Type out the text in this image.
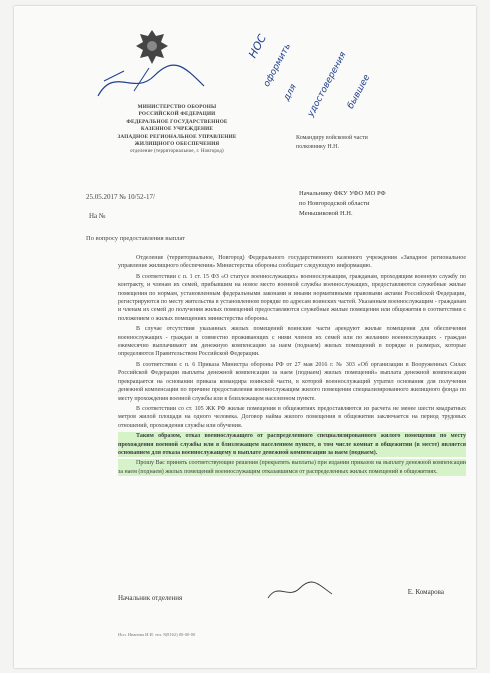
МИНИСТЕРСТВО ОБОРОНЫ
РОССИЙСКОЙ ФЕДЕРАЦИИ
ФЕДЕРАЛЬНОЕ ГОСУДАРСТВЕННОЕ
КАЗЕННОЕ УЧРЕЖДЕНИЕ
ЗАПАДНОЕ РЕГИОНАЛЬНОЕ УПРАВЛЕНИЕ
ЖИЛИЩНОГО ОБЕСПЕЧЕНИЯ
отделение (территориальное, г. Новгород)
НОС
оформить
для удостоверения
бывшее
Командиру войсковой части
полковнику Н.Н.
25.05.2017 № 10/52-17/
На №
Начальнику ФКУ УФО МО РФ
по Новгородской области
Меньшиковой Н.Н.
По вопросу предоставления выплат

Отделение (территориальное, Новгород) Федерального государственного казенного учреждения «Западное региональное управление жилищного обеспечения» Министерства обороны сообщает следующую информацию.

В соответствии с п. 1 ст. 15 ФЗ «О статусе военнослужащих» военнослужащим, гражданам, проходящим военную службу по контракту, и членам их семей, прибывшим на новое место военной службы военнослужащих, предоставляются служебные жилые помещения по нормам, установленным федеральными законами и иными нормативными правовыми актами Российской Федерации, регистрируются по месту жительства в установленном порядке по адресам воинских частей. Указанным военнослужащим - гражданам и членам их семей до получения жилых помещений предоставляются служебные жилые помещения или общежития в соответствии с положением о жилых помещениях министерства обороны.

В случае отсутствия указанных жилых помещений воинские части арендуют жилые помещения для обеспечения военнослужащих - граждан и совместно проживающих с ними членов их семей или по желанию военнослужащих - граждан ежемесячно выплачивают им денежную компенсацию за наем (поднаем) жилых помещений в порядке и размерах, которые определяются Правительством Российской Федерации.

В соответствии с п. 6 Приказа Министра обороны РФ от 27 мая 2016 г. № 303 «Об организации в Вооруженных Силах Российской Федерации выплаты денежной компенсации за наем (поднаем) жилых помещений» выплата денежной компенсации прекращается на основании приказа командира воинской части, в которой военнослужащий утратил основания для получения денежной компенсации по причине предоставления военнослужащим жилого помещения специализированного жилищного фонда по месту прохождения военной службы или в близлежащем населенном пункте.

В соответствии со ст. 105 ЖК РФ жилые помещения в общежитиях предоставляются из расчета не менее шести квадратных метров жилой площади на одного человека. Договор найма жилого помещения в общежитии заключается на период трудовых отношений, прохождения службы или обучения.

Таким образом, отказ военнослужащего от распределенного специализированного жилого помещения по месту прохождения военной службы или в близлежащем населенном пункте, в том числе комнат в общежитии (в месте) является основанием для отказа военнослужащему в выплате денежной компенсации за наем (поднаем).

Прошу Вас принять соответствующие решения (прекратить выплаты) при издании приказов на выплату денежной компенсации за наем (поднаем) жилых помещений военнослужащим отказавшимся от распределенных жилых помещений в общежитиях.

Начальник отделения
Е. Комарова
Исп. Иванова И.И. тел. 8(8162) 00-00-00
